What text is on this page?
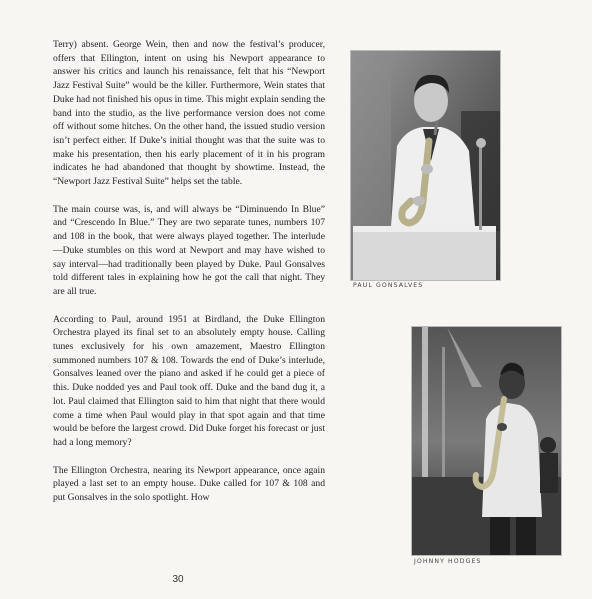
Terry) absent. George Wein, then and now the festival’s producer, offers that Ellington, intent on using his Newport appearance to answer his critics and launch his renaissance, felt that his “Newport Jazz Festival Suite” would be the killer. Furthermore, Wein states that Duke had not finished his opus in time. This might explain sending the band into the studio, as the live performance version does not come off without some hitches. On the other hand, the issued studio version isn’t perfect either. If Duke’s initial thought was that the suite was to make his presentation, then his early placement of it in his program indicates he had abandoned that thought by showtime. Instead, the “Newport Jazz Festival Suite” helps set the table.

The main course was, is, and will always be “Diminuendo In Blue” and “Crescendo In Blue.” They are two separate tunes, numbers 107 and 108 in the book, that were always played together. The interlude—Duke stumbles on this word at Newport and may have wished to say interval—had traditionally been played by Duke. Paul Gonsalves told different tales in explaining how he got the call that night. They are all true.

According to Paul, around 1951 at Birdland, the Duke Ellington Orchestra played its final set to an absolutely empty house. Calling tunes exclusively for his own amazement, Maestro Ellington summoned numbers 107 & 108. Towards the end of Duke’s interlude, Gonsalves leaned over the piano and asked if he could get a piece of this. Duke nodded yes and Paul took off. Duke and the band dug it, a lot. Paul claimed that Ellington said to him that night that there would come a time when Paul would play in that spot again and that time would be before the largest crowd. Did Duke forget his forecast or just had a long memory?

The Ellington Orchestra, nearing its Newport appearance, once again played a last set to an empty house. Duke called for 107 & 108 and put Gonsalves in the solo spotlight. How

PAUL GONSALVES
JOHNNY HODGES
30
